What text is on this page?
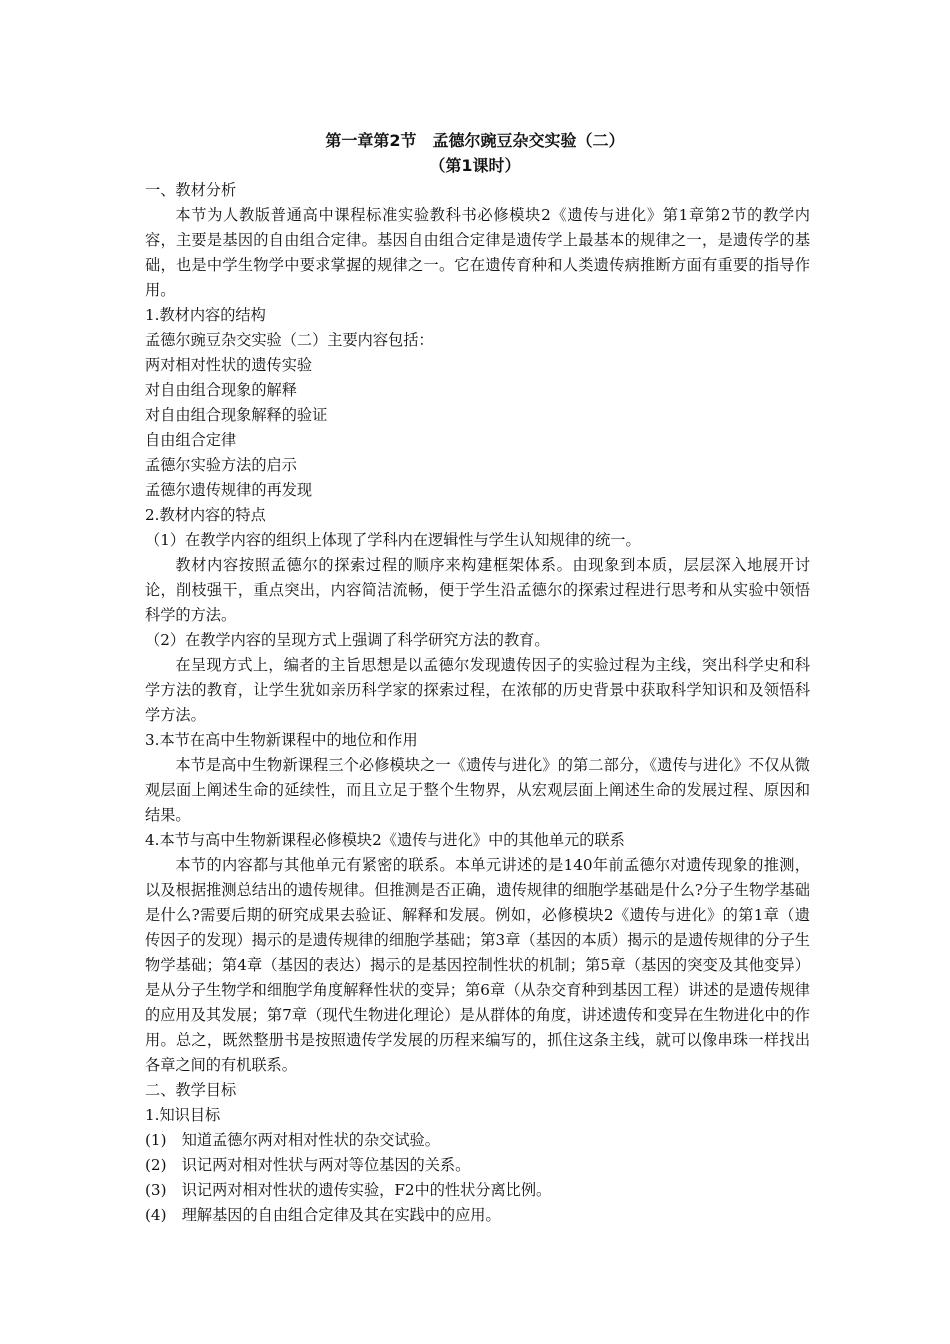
第一章第2节　孟德尔豌豆杂交实验（二）
（第1课时）

一、教材分析

本节为人教版普通高中课程标准实验教科书必修模块2《遗传与进化》第1章第2节的教学内容，主要是基因的自由组合定律。基因自由组合定律是遗传学上最基本的规律之一，是遗传学的基础，也是中学生物学中要求掌握的规律之一。它在遗传育种和人类遗传病推断方面有重要的指导作用。

1.教材内容的结构

孟德尔豌豆杂交实验（二）主要内容包括：

两对相对性状的遗传实验

对自由组合现象的解释

对自由组合现象解释的验证

自由组合定律

孟德尔实验方法的启示

孟德尔遗传规律的再发现

2.教材内容的特点

（1）在教学内容的组织上体现了学科内在逻辑性与学生认知规律的统一。

教材内容按照孟德尔的探索过程的顺序来构建框架体系。由现象到本质，层层深入地展开讨论，削枝强干，重点突出，内容简洁流畅，便于学生沿孟德尔的探索过程进行思考和从实验中领悟科学的方法。

（2）在教学内容的呈现方式上强调了科学研究方法的教育。

在呈现方式上，编者的主旨思想是以孟德尔发现遗传因子的实验过程为主线，突出科学史和科学方法的教育，让学生犹如亲历科学家的探索过程，在浓郁的历史背景中获取科学知识和及领悟科学方法。

3.本节在高中生物新课程中的地位和作用

本节是高中生物新课程三个必修模块之一《遗传与进化》的第二部分，《遗传与进化》不仅从微观层面上阐述生命的延续性，而且立足于整个生物界，从宏观层面上阐述生命的发展过程、原因和结果。

4.本节与高中生物新课程必修模块2《遗传与进化》中的其他单元的联系

本节的内容都与其他单元有紧密的联系。本单元讲述的是140年前孟德尔对遗传现象的推测，以及根据推测总结出的遗传规律。但推测是否正确，遗传规律的细胞学基础是什么?分子生物学基础是什么?需要后期的研究成果去验证、解释和发展。例如，必修模块2《遗传与进化》的第1章（遗传因子的发现）揭示的是遗传规律的细胞学基础；第3章（基因的本质）揭示的是遗传规律的分子生物学基础；第4章（基因的表达）揭示的是基因控制性状的机制；第5章（基因的突变及其他变异）是从分子生物学和细胞学角度解释性状的变异；第6章（从杂交育种到基因工程）讲述的是遗传规律的应用及其发展；第7章（现代生物进化理论）是从群体的角度，讲述遗传和变异在生物进化中的作用。总之，既然整册书是按照遗传学发展的历程来编写的，抓住这条主线，就可以像串珠一样找出各章之间的有机联系。

二、教学目标

1.知识目标

(1)　知道孟德尔两对相对性状的杂交试验。

(2)　识记两对相对性状与两对等位基因的关系。

(3)　识记两对相对性状的遗传实验，F2中的性状分离比例。

(4)　理解基因的自由组合定律及其在实践中的应用。
